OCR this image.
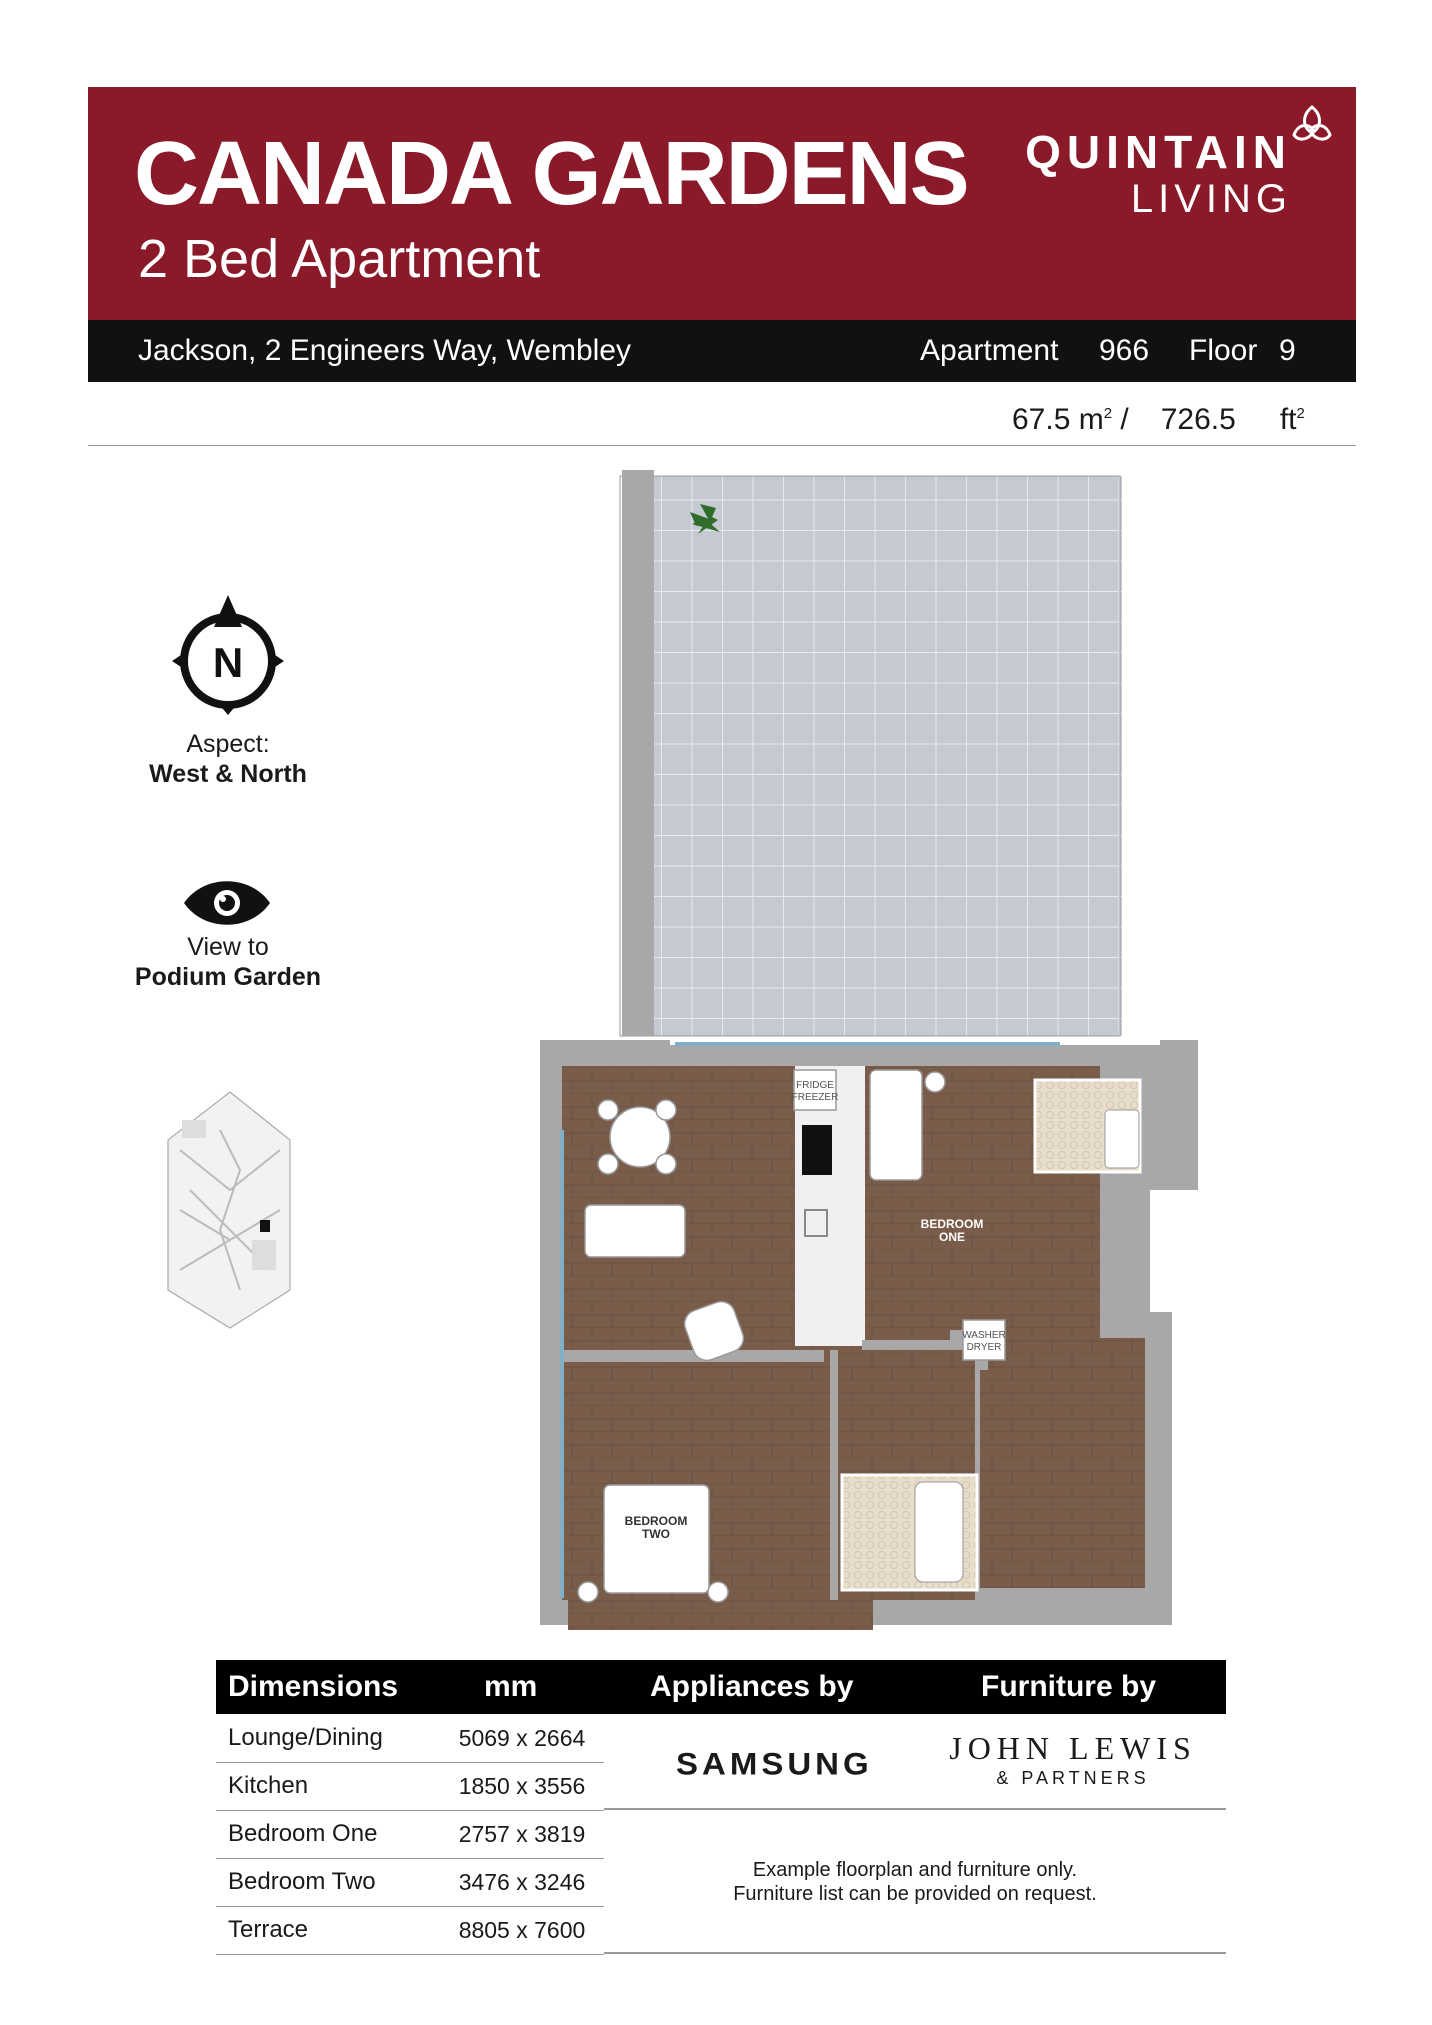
CANADA GARDENS
2 Bed Apartment
QUINTAIN
LIVING
Jackson, 2 Engineers Way, Wembley	Apartment 966 Floor 9
67.5 $m^2 / 726.5$ $ft^2$
N
Aspect:
West & North
View to
Podium Garden
FRIDGE
FREEZER
WASHER
DRYER
BEDROOM
ONE
BEDROOM
TWO
Dimensions	mm	Appliances by	Furniture by
Lounge/Dining	5069 x 2664
Kitchen	1850 x 3556
Bedroom One	2757 x 3819
Bedroom Two	3476 x 3246
Terrace	8805 x 7600
SAMSUNG JOHN LEWIS
& PARTNERS
Example floorplan and furniture only.
Furniture list can be provided on request.
